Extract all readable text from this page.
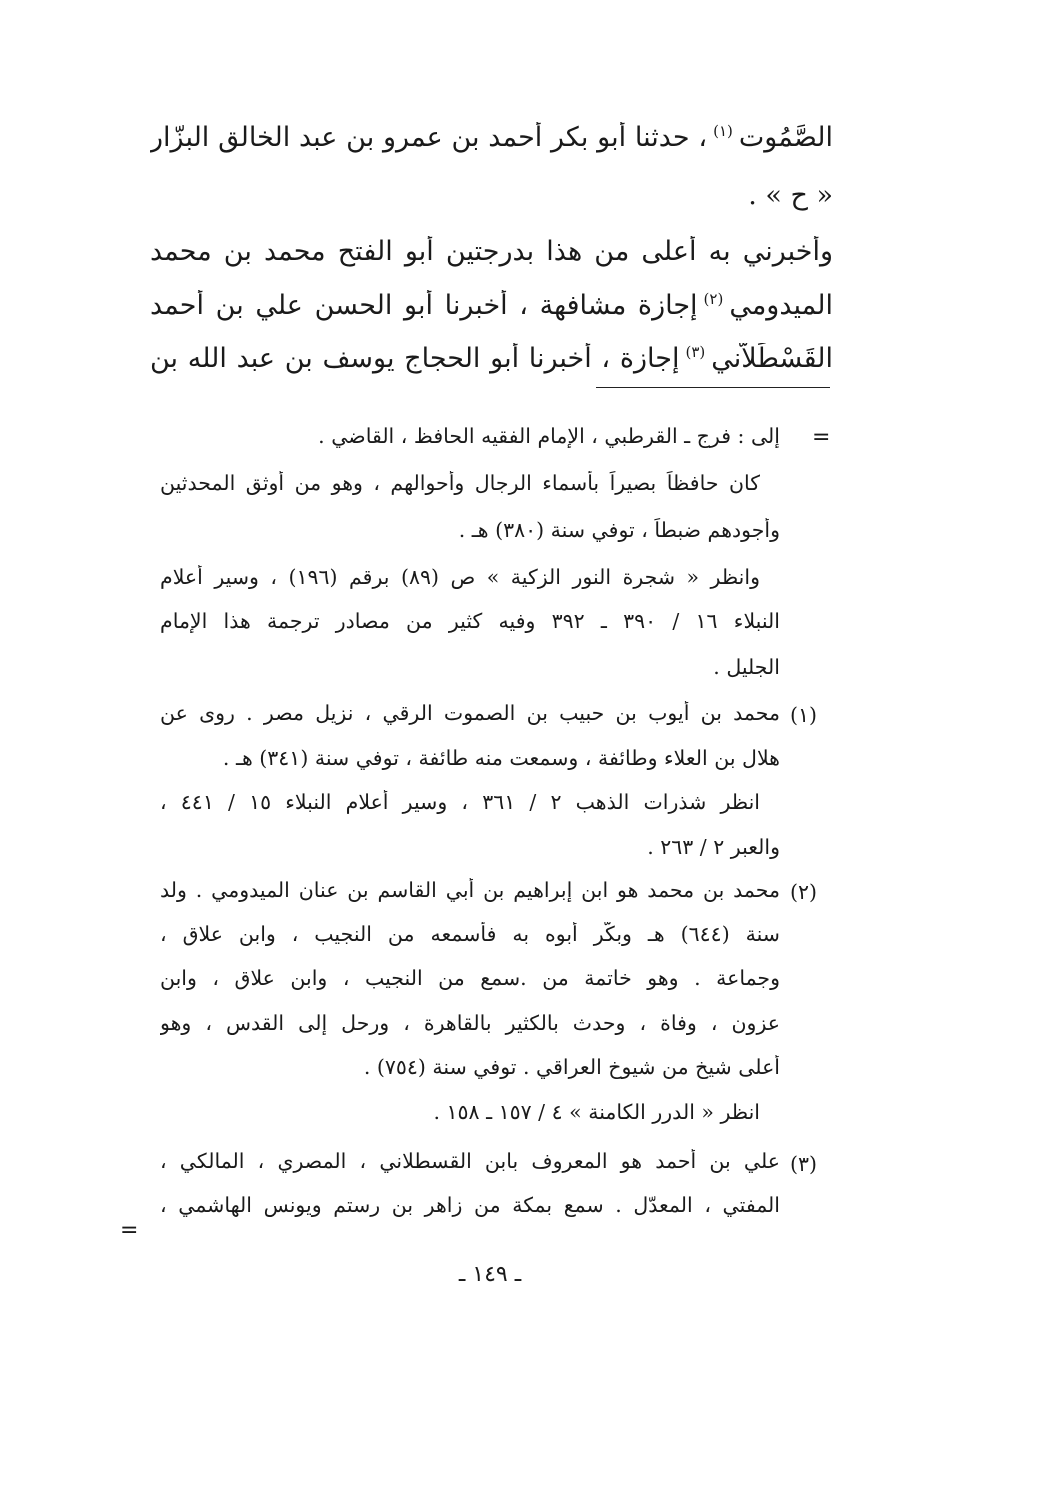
الصَّمُوت$^{(١)}$، حدثنا أبو بكر أحمد بن عمرو بن عبد الخالق البزّار
« ح » .
وأخبرني به أعلى من هذا بدرجتين أبو الفتح محمد بن محمد
الميدومي$^{(٢)}$إجازة مشافهة ، أخبرنا أبو الحسن علي بن أحمد
القَسْطَلاَّني$^{(٣)}$إجازة ، أخبرنا أبو الحجاج يوسف بن عبد الله بن
=
إلى : فرج ـ القرطبي ، الإمام الفقيه الحافظ ، القاضي .
كان حافظاً بصيراً بأسماء الرجال وأحوالهم ، وهو من أوثق المحدثين
وأجودهم ضبطاً ، توفي سنة (٣٨٠) هـ .
وانظر « شجرة النور الزكية » ص (٨٩) برقم (١٩٦) ، وسير أعلام
النبلاء ١٦ / ٣٩٠ ـ ٣٩٢ وفيه كثير من مصادر ترجمة هذا الإمام
الجليل .
(١)
محمد بن أيوب بن حبيب بن الصموت الرقي ، نزيل مصر . روى عن
هلال بن العلاء وطائفة ، وسمعت منه طائفة ، توفي سنة (٣٤١) هـ .
انظر شذرات الذهب ٢ / ٣٦١ ، وسير أعلام النبلاء ١٥ / ٤٤١ ،
والعبر ٢ / ٢٦٣ .
(٢)
محمد بن محمد هو ابن إبراهيم بن أبي القاسم بن عنان الميدومي . ولد
سنة (٦٤٤) هـ وبكّر أبوه به فأسمعه من النجيب ، وابن علاق ،
وجماعة . وهو خاتمة من .سمع من النجيب ، وابن علاق ، وابن
عزون ، وفاة ، وحدث بالكثير بالقاهرة ، ورحل إلى القدس ، وهو
أعلى شيخ من شيوخ العراقي . توفي سنة (٧٥٤) .
انظر « الدرر الكامنة » ٤ / ١٥٧ ـ ١٥٨ .
(٣)
علي بن أحمد هو المعروف بابن القسطلاني ، المصري ، المالكي ،
المفتي ، المعدّل . سمع بمكة من زاهر بن رستم ويونس الهاشمي ،
=
ـ ١٤٩ ـ
